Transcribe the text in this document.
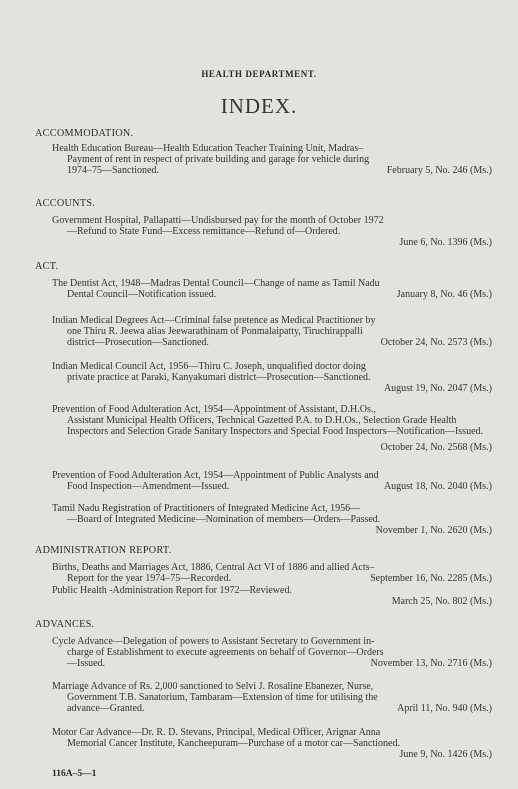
HEALTH DEPARTMENT.
INDEX.
ACCOMMODATION.
Health Education Bureau—Health Education Teacher Training Unit, Madras–
Payment of rent in respect of private building and garage for vehicle during
1974–75—Sanctioned.	February 5, No. 246 (Ms.)
ACCOUNTS.
Government Hospital, Pallapatti—Undisbursed pay for the month of October 1972
—Refund to State Fund—Excess remittance—Refund of—Ordered.
June 6, No. 1396 (Ms.)
ACT.
The Dentist Act, 1948—Madras Dental Council—Change of name as Tamil Nadu
Dental Council—Notification issued.	January 8, No. 46 (Ms.)
Indian Medical Degrees Act—Criminal false pretence as Medical Practitioner by
one Thiru R. Jeewa alias Jeewarathinam of Ponmalaipatty, Tiruchirappalli
district—Prosecution—Sanctioned.	October 24, No. 2573 (Ms.)
Indian Medical Council Act, 1956—Thiru C. Joseph, unqualified doctor doing
private practice at Paraki, Kanyakumari district—Prosecution—Sanctioned.
August 19, No. 2047 (Ms.)
Prevention of Food Adulteration Act, 1954—Appointment of Assistant, D.H.Os.,
Assistant Municipal Health Officers, Technical Gazetted P.A. to D.H.Os., Selection Grade Health Inspectors and Selection Grade Sanitary Inspectors and Special Food Inspectors—Notification—Issued.
October 24, No. 2568 (Ms.)
Prevention of Food Adulteration Act, 1954—Appointment of Public Analysts and
Food Inspection—Amendment—Issued.	August 18, No. 2040 (Ms.)
Tamil Nadu Registration of Practitioners of Integrated Medicine Act, 1956—
—Board of Integrated Medicine—Nomination of members—Orders—Passed.
November 1, No. 2620 (Ms.)
ADMINISTRATION REPORT.
Births, Deaths and Marriages Act, 1886, Central Act VI of 1886 and allied Acts–
Report for the year 1974–75—Recorded.	September 16, No. 2285 (Ms.)
Public Health -Administration Report for 1972—Reviewed.
March 25, No. 802 (Ms.)
ADVANCES.
Cycle Advance—Delegation of powers to Assistant Secretary to Government in-
charge of Establishment to execute agreements on behalf of Governor—Orders
—Issued.	November 13, No. 2716 (Ms.)
Marriage Advance of Rs. 2,000 sanctioned to Selvi J. Rosaline Ebanezer, Nurse,
Government T.B. Sanatorium, Tambaram—Extension of time for utilising the
advance—Granted.	April 11, No. 940 (Ms.)
Motor Car Advance—Dr. R. D. Stevans, Principal, Medical Officer, Arignar Anna
Memorial Cancer Institute, Kancheepuram—Purchase of a motor car—Sanctioned.
June 9, No. 1426 (Ms.)
116A–5—1
